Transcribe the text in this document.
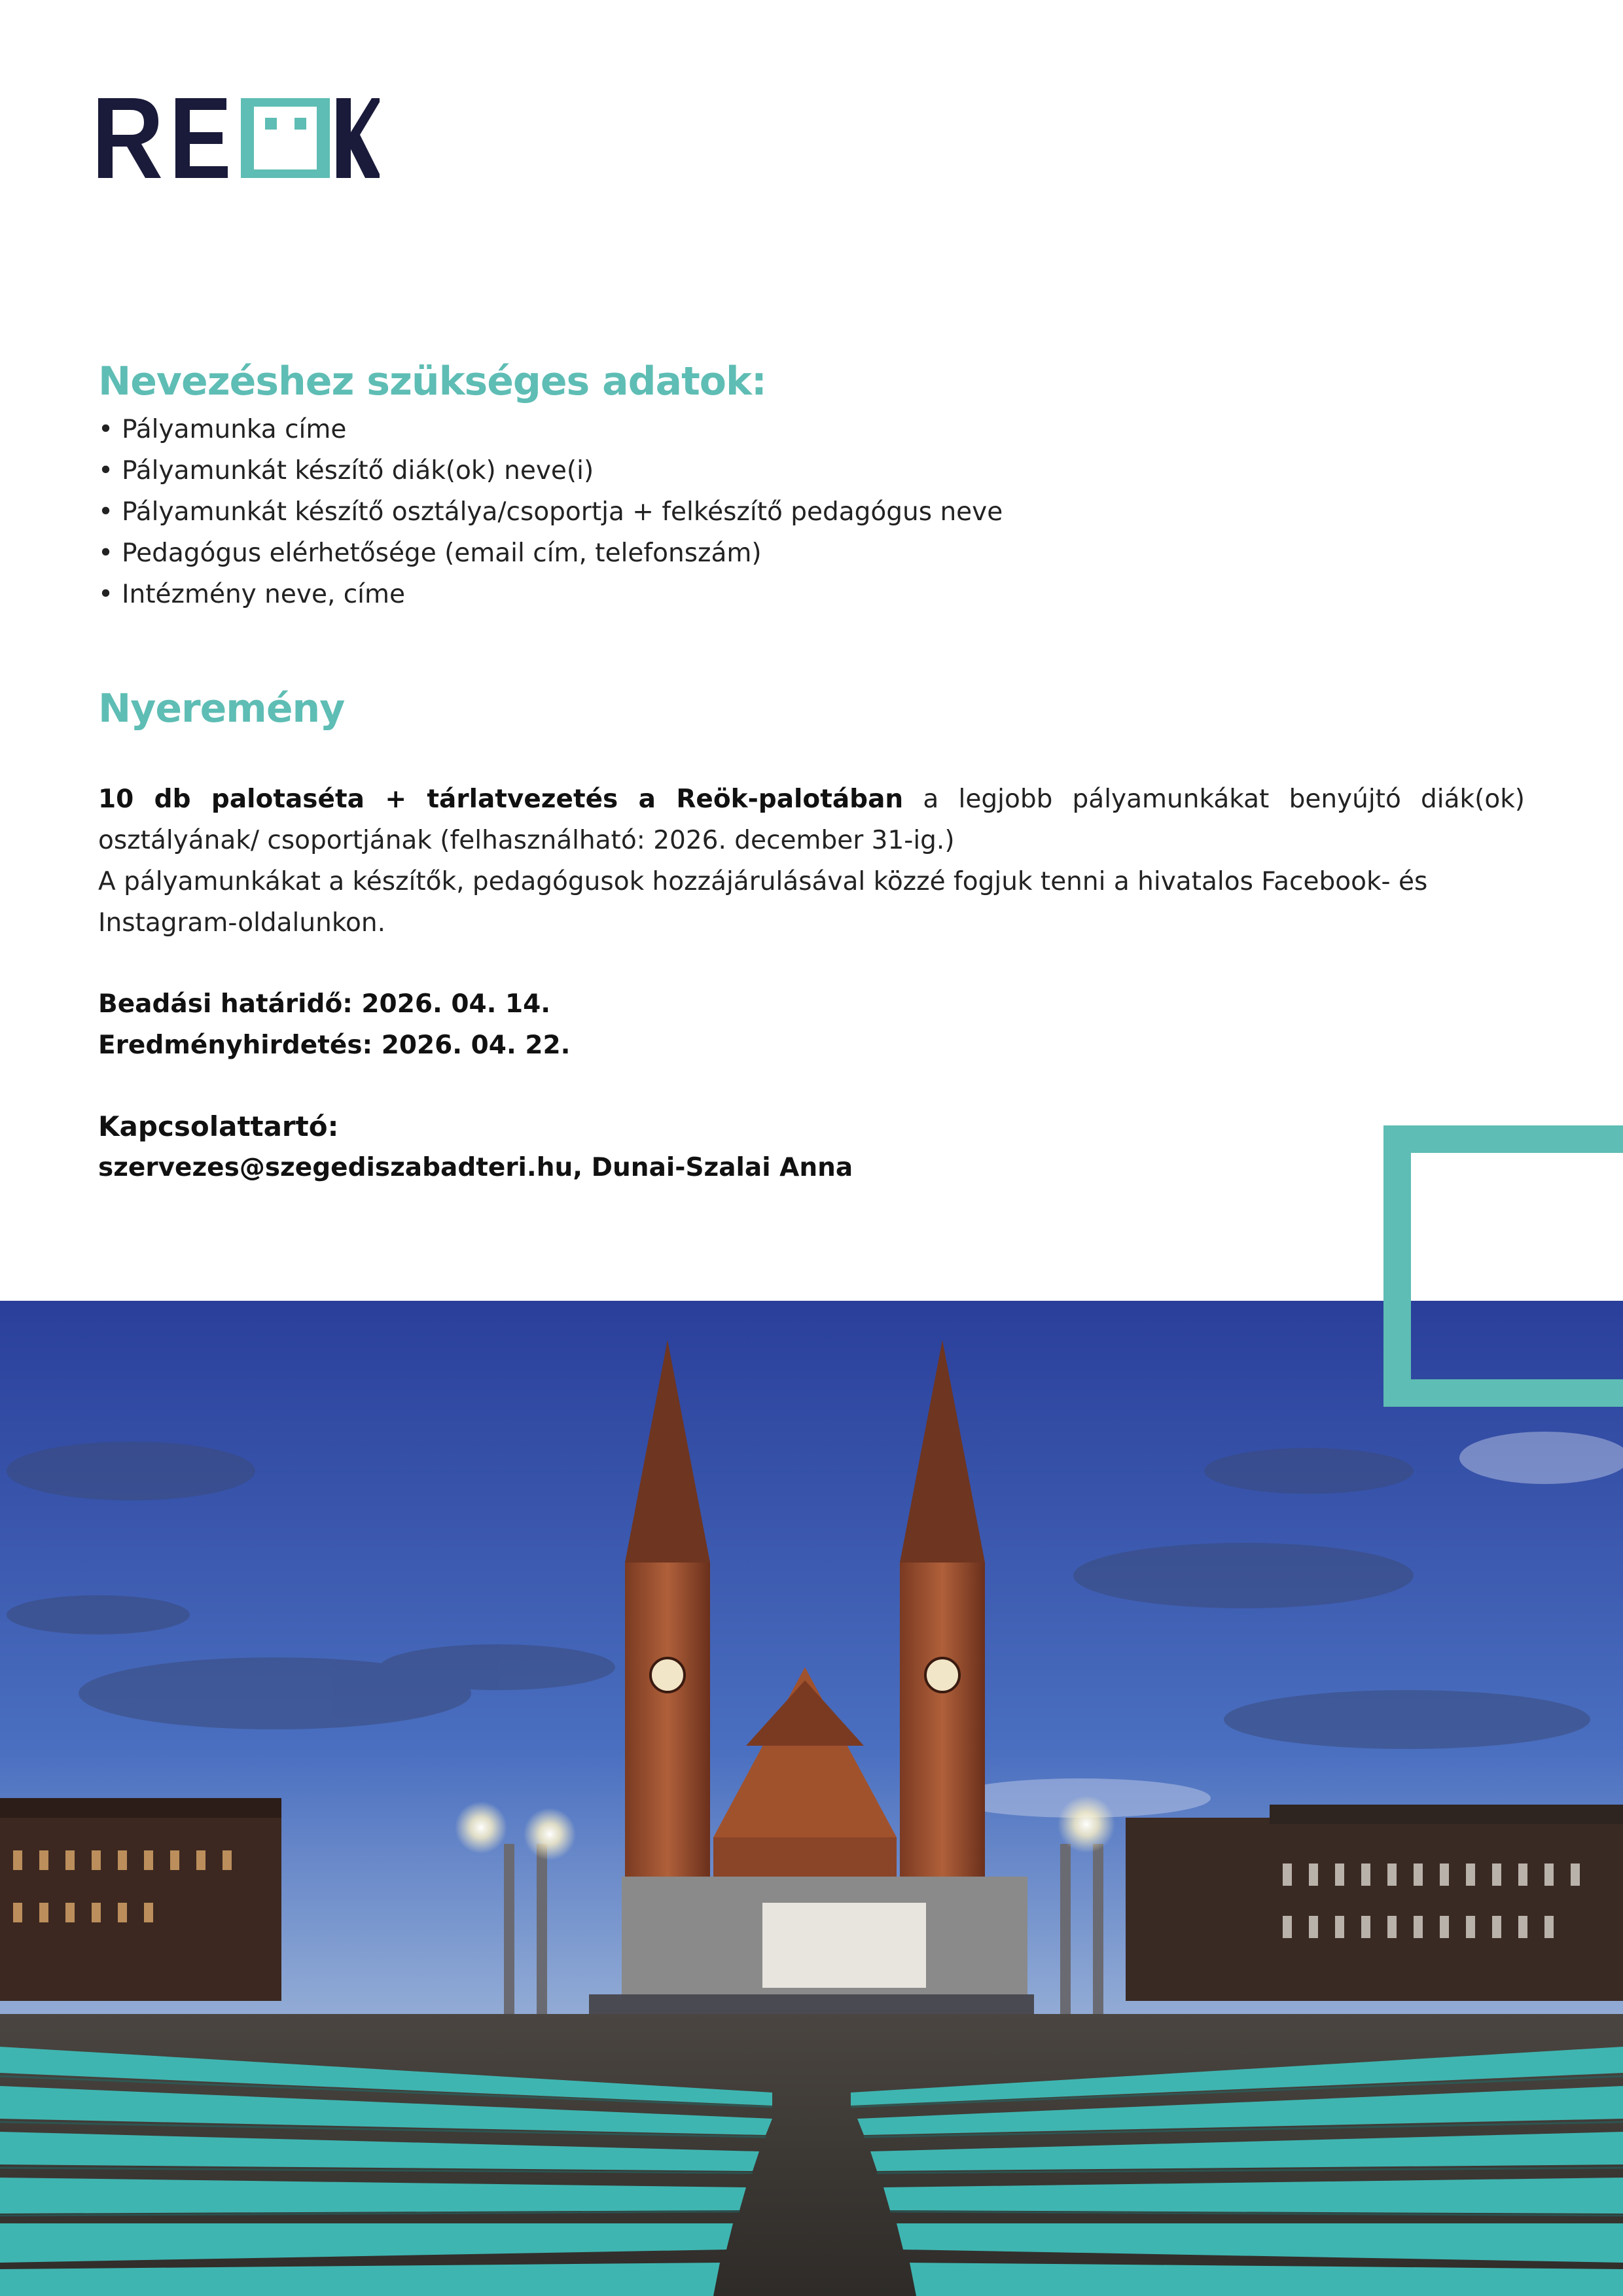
Nevezéshez szükséges adatok:
• Pályamunka címe
• Pályamunkát készítő diák(ok) neve(i)
• Pályamunkát készítő osztálya/csoportja + felkészítő pedagógus neve
• Pedagógus elérhetősége (email cím, telefonszám)
• Intézmény neve, címe
Nyeremény

10 db palotaséta + tárlatvezetés a Reök-palotában a legjobb pályamunkákat benyújtó diák(ok) osztályának/ csoportjának (felhasználható: 2026. december 31-ig.)

A pályamunkákat a készítők, pedagógusok hozzájárulásával közzé fogjuk tenni a hivatalos Facebook- és Instagram-oldalunkon.

Beadási határidő: 2026. 04. 14.

Eredményhirdetés: 2026. 04. 22.

Kapcsolattartó:

szervezes@szegediszabadteri.hu, Dunai-Szalai Anna
